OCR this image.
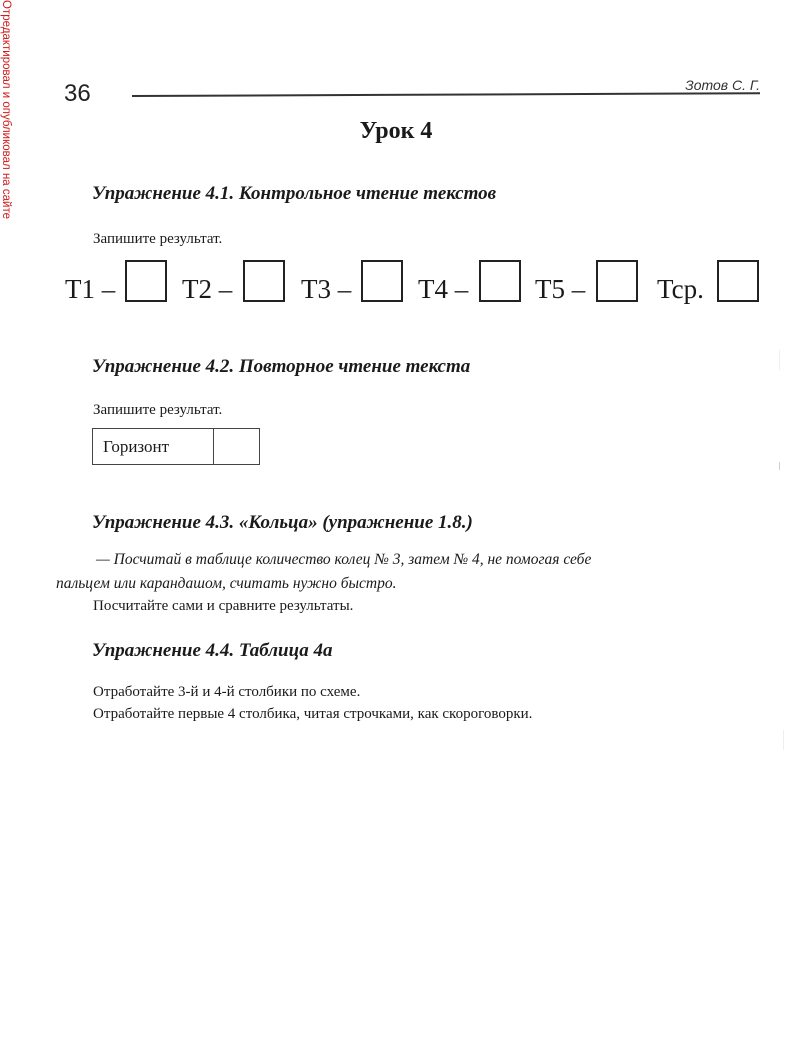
Отредактировал и опубликовал на сайте 36	Зотов С. Г.
Урок 4
Упражнение 4.1. Контрольное чтение текстов
Запишите результат.
T1 – T2 –	T3 – T4 – T5 –	Tcp.
Упражнение 4.2. Повторное чтение текста
Запишите результат.
Горизонт
Упражнение 4.3. «Кольца» (упражнение 1.8.)
— Посчитай в таблице количество колец № 3, затем № 4, не помогая себе
пальцем или карандашом, считать нужно быстро.
Посчитайте сами и сравните результаты.
Упражнение 4.4. Таблица 4а
Отработайте 3-й и 4-й столбики по схеме.
Отработайте первые 4 столбика, читая строчками, как скороговорки.
